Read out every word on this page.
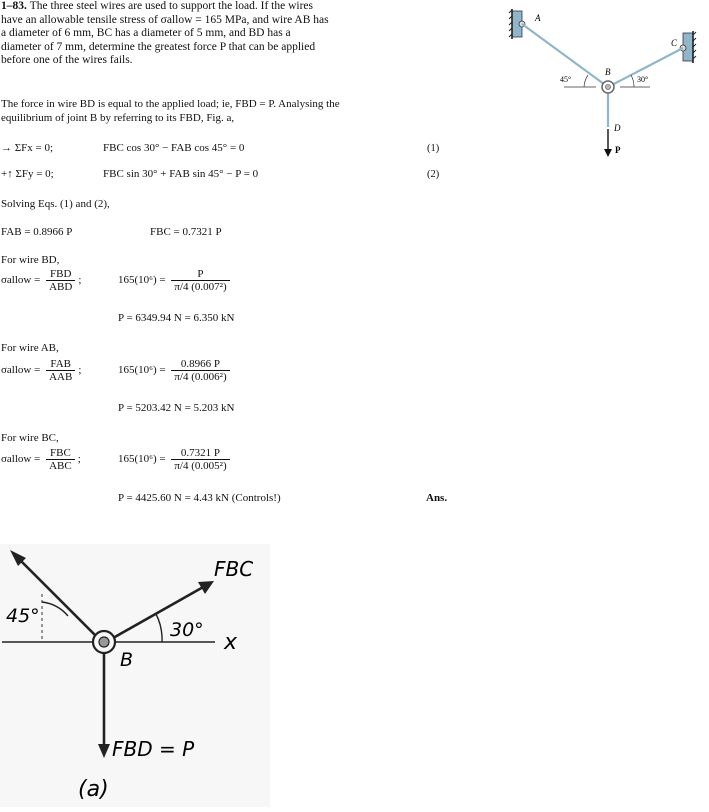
1–83. The three steel wires are used to support the load. If the wires have an allowable tensile stress of σallow = 165 MPa, and wire AB has a diameter of 6 mm, BC has a diameter of 5 mm, and BD has a diameter of 7 mm, determine the greatest force P that can be applied before one of the wires fails.

The force in wire BD is equal to the applied load; ie, FBD = P. Analysing the
equilibrium of joint B by referring to its FBD, Fig. a,
→ ΣFx = 0;	FBC cos 30° − FAB cos 45° = 0	(1)
+↑ ΣFy = 0;	FBC sin 30° + FAB sin 45° − P = 0	(2)
Solving Eqs. (1) and (2),
FAB = 0.8966 P	FBC = 0.7321 P
For wire BD,
σallow = $\frac{\text{FBD}}{\text{ABD}}$ ;	$165(10^6) = \frac{P}{\text{π/4 (0.007²)}}$
P = 6349.94 N = 6.350 kN
For wire AB,
σallow = $\frac{\text{FAB}}{\text{AAB}}$ ;	$165(10^6) = \frac{0.8966 P}{\text{π/4 (0.006²)}}$
P = 5203.42 N = 5.203 kN
For wire BC,
σallow = $\frac{\text{FBC}}{\text{ABC}}$ ;	$165(10^6) = \frac{0.7321 P}{\text{π/4 (0.005²)}}$
P = 4425.60 N = 4.43 kN (Controls!)	Ans.
A
C
45°	30°
B
D
P
x
FBC
FBD = P
45°
30°
B
(a)
